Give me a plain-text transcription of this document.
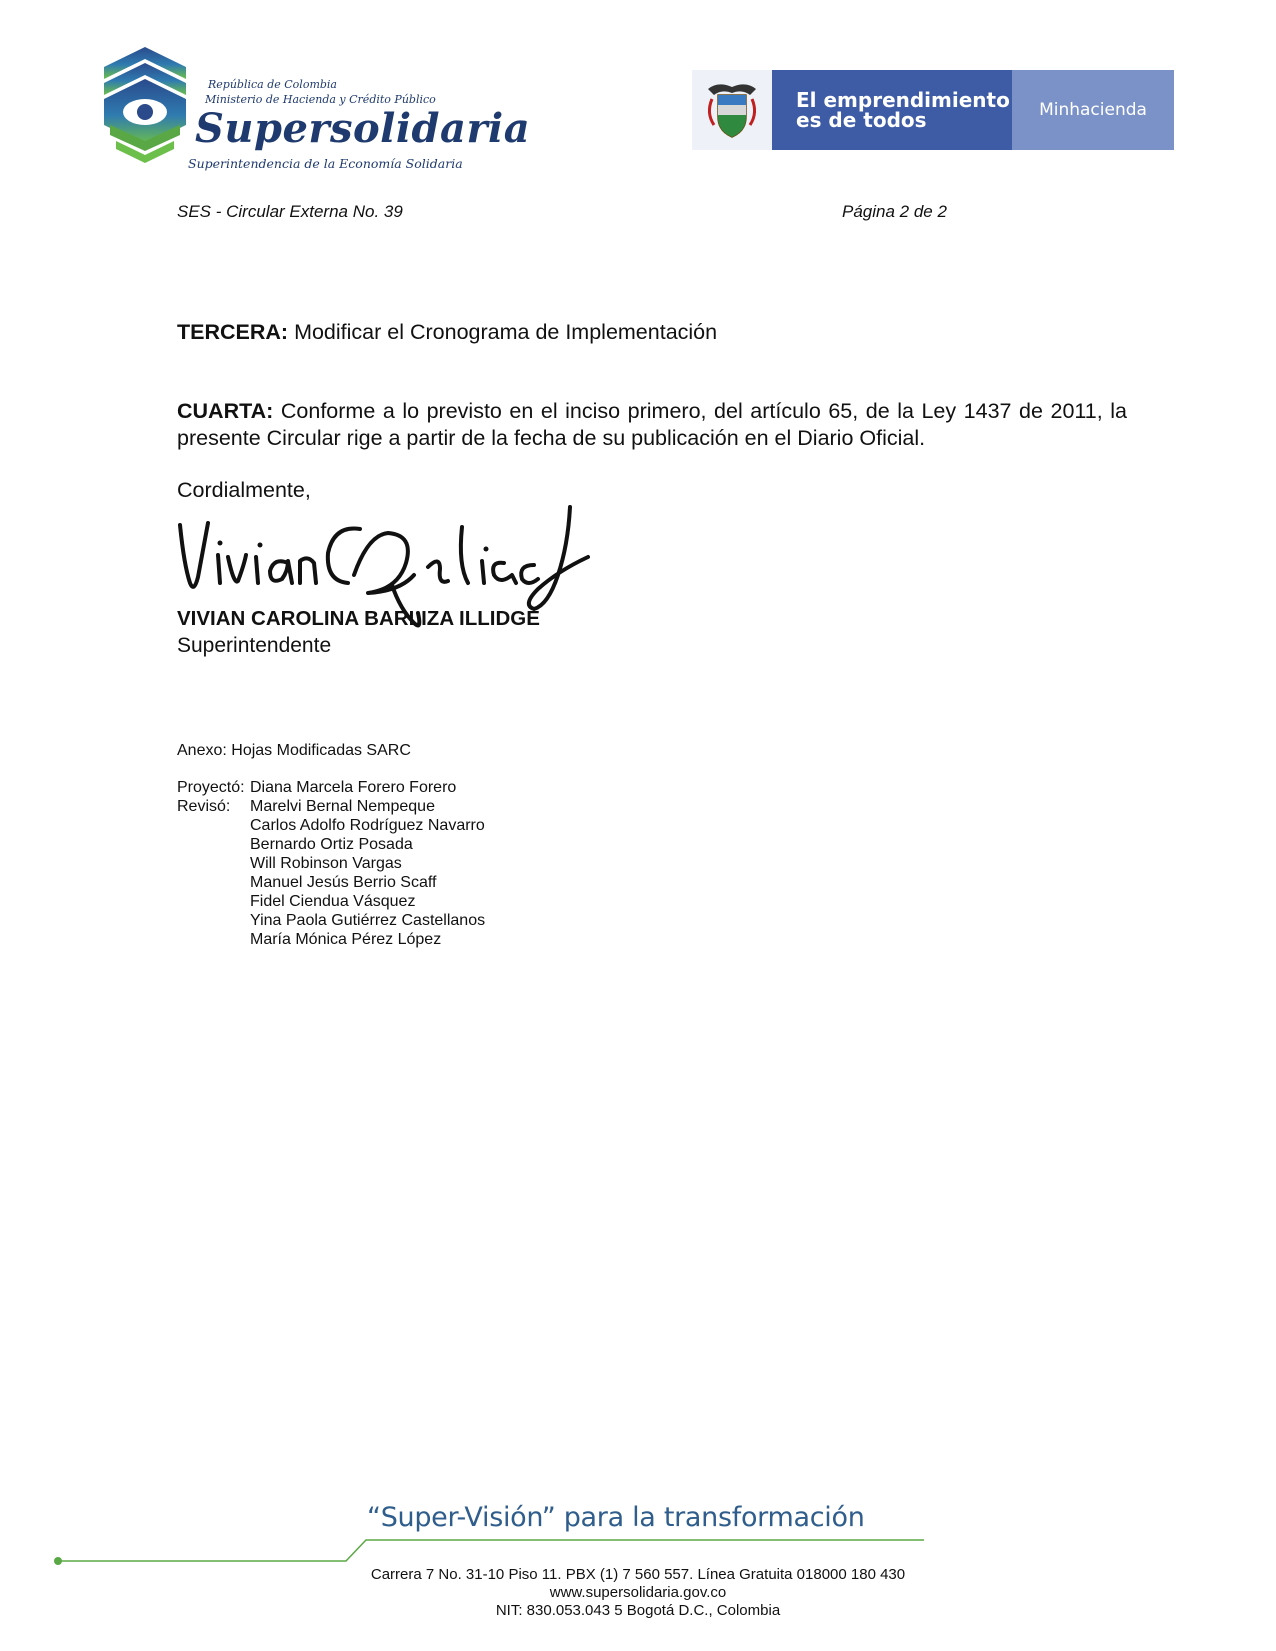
República de Colombia
Ministerio de Hacienda y Crédito Público
Supersolidaria
Superintendencia de la Economía Solidaria
El emprendimiento
es de todos	Minhacienda
SES - Circular Externa No. 39	Página 2 de 2
TERCERA: Modificar el Cronograma de Implementación
CUARTA: Conforme a lo previsto en el inciso primero, del artículo 65, de la Ley 1437 de 2011, la presente Circular rige a partir de la fecha de su publicación en el Diario Oficial.
Cordialmente,
VIVIAN CAROLINA BARLIZA ILLIDGE
Superintendente
Anexo: Hojas Modificadas SARC
Proyectó: Diana Marcela Forero Forero
Revisó: Marelvi Bernal Nempeque
Carlos Adolfo Rodríguez Navarro
Bernardo Ortiz Posada
Will Robinson Vargas
Manuel Jesús Berrio Scaff
Fidel Ciendua Vásquez
Yina Paola Gutiérrez Castellanos
María Mónica Pérez López
“Super-Visión” para la transformación
Carrera 7 No. 31-10 Piso 11. PBX (1) 7 560 557. Línea Gratuita 018000 180 430
www.supersolidaria.gov.co
NIT: 830.053.043 5 Bogotá D.C., Colombia
